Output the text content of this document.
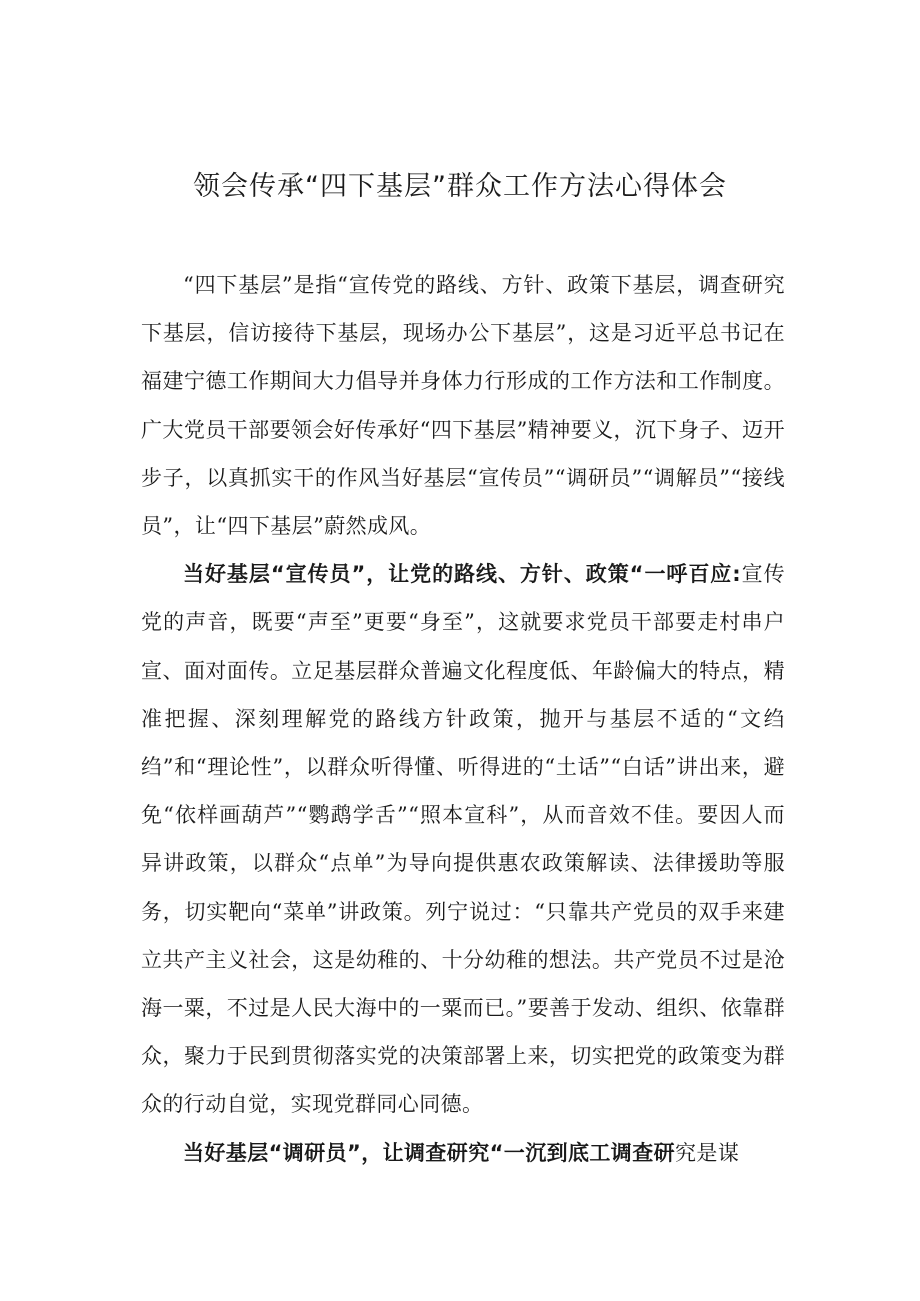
领会传承“四下基层”群众工作方法心得体会

“四下基层”是指“宣传党的路线、方针、政策下基层，调查研究下基层，信访接待下基层，现场办公下基层”，这是习近平总书记在福建宁德工作期间大力倡导并身体力行形成的工作方法和工作制度。广大党员干部要领会好传承好“四下基层”精神要义，沉下身子、迈开步子，以真抓实干的作风当好基层“宣传员”“调研员”“调解员”“接线员”，让“四下基层”蔚然成风。

当好基层“宣传员”，让党的路线、方针、政策“一呼百应:宣传党的声音，既要“声至”更要“身至”，这就要求党员干部要走村串户宣、面对面传。立足基层群众普遍文化程度低、年龄偏大的特点，精准把握、深刻理解党的路线方针政策，抛开与基层不适的“文绉绉”和“理论性”，以群众听得懂、听得进的“土话”“白话”讲出来，避免“依样画葫芦”“鹦鹉学舌”“照本宣科”，从而音效不佳。要因人而异讲政策，以群众“点单”为导向提供惠农政策解读、法律援助等服务，切实靶向“菜单”讲政策。列宁说过：“只靠共产党员的双手来建立共产主义社会，这是幼稚的、十分幼稚的想法。共产党员不过是沧海一粟，不过是人民大海中的一粟而已。”要善于发动、组织、依靠群众，聚力于民到贯彻落实党的决策部署上来，切实把党的政策变为群众的行动自觉，实现党群同心同德。

当好基层“调研员”，让调查研究“一沉到底工调查研究是谋
